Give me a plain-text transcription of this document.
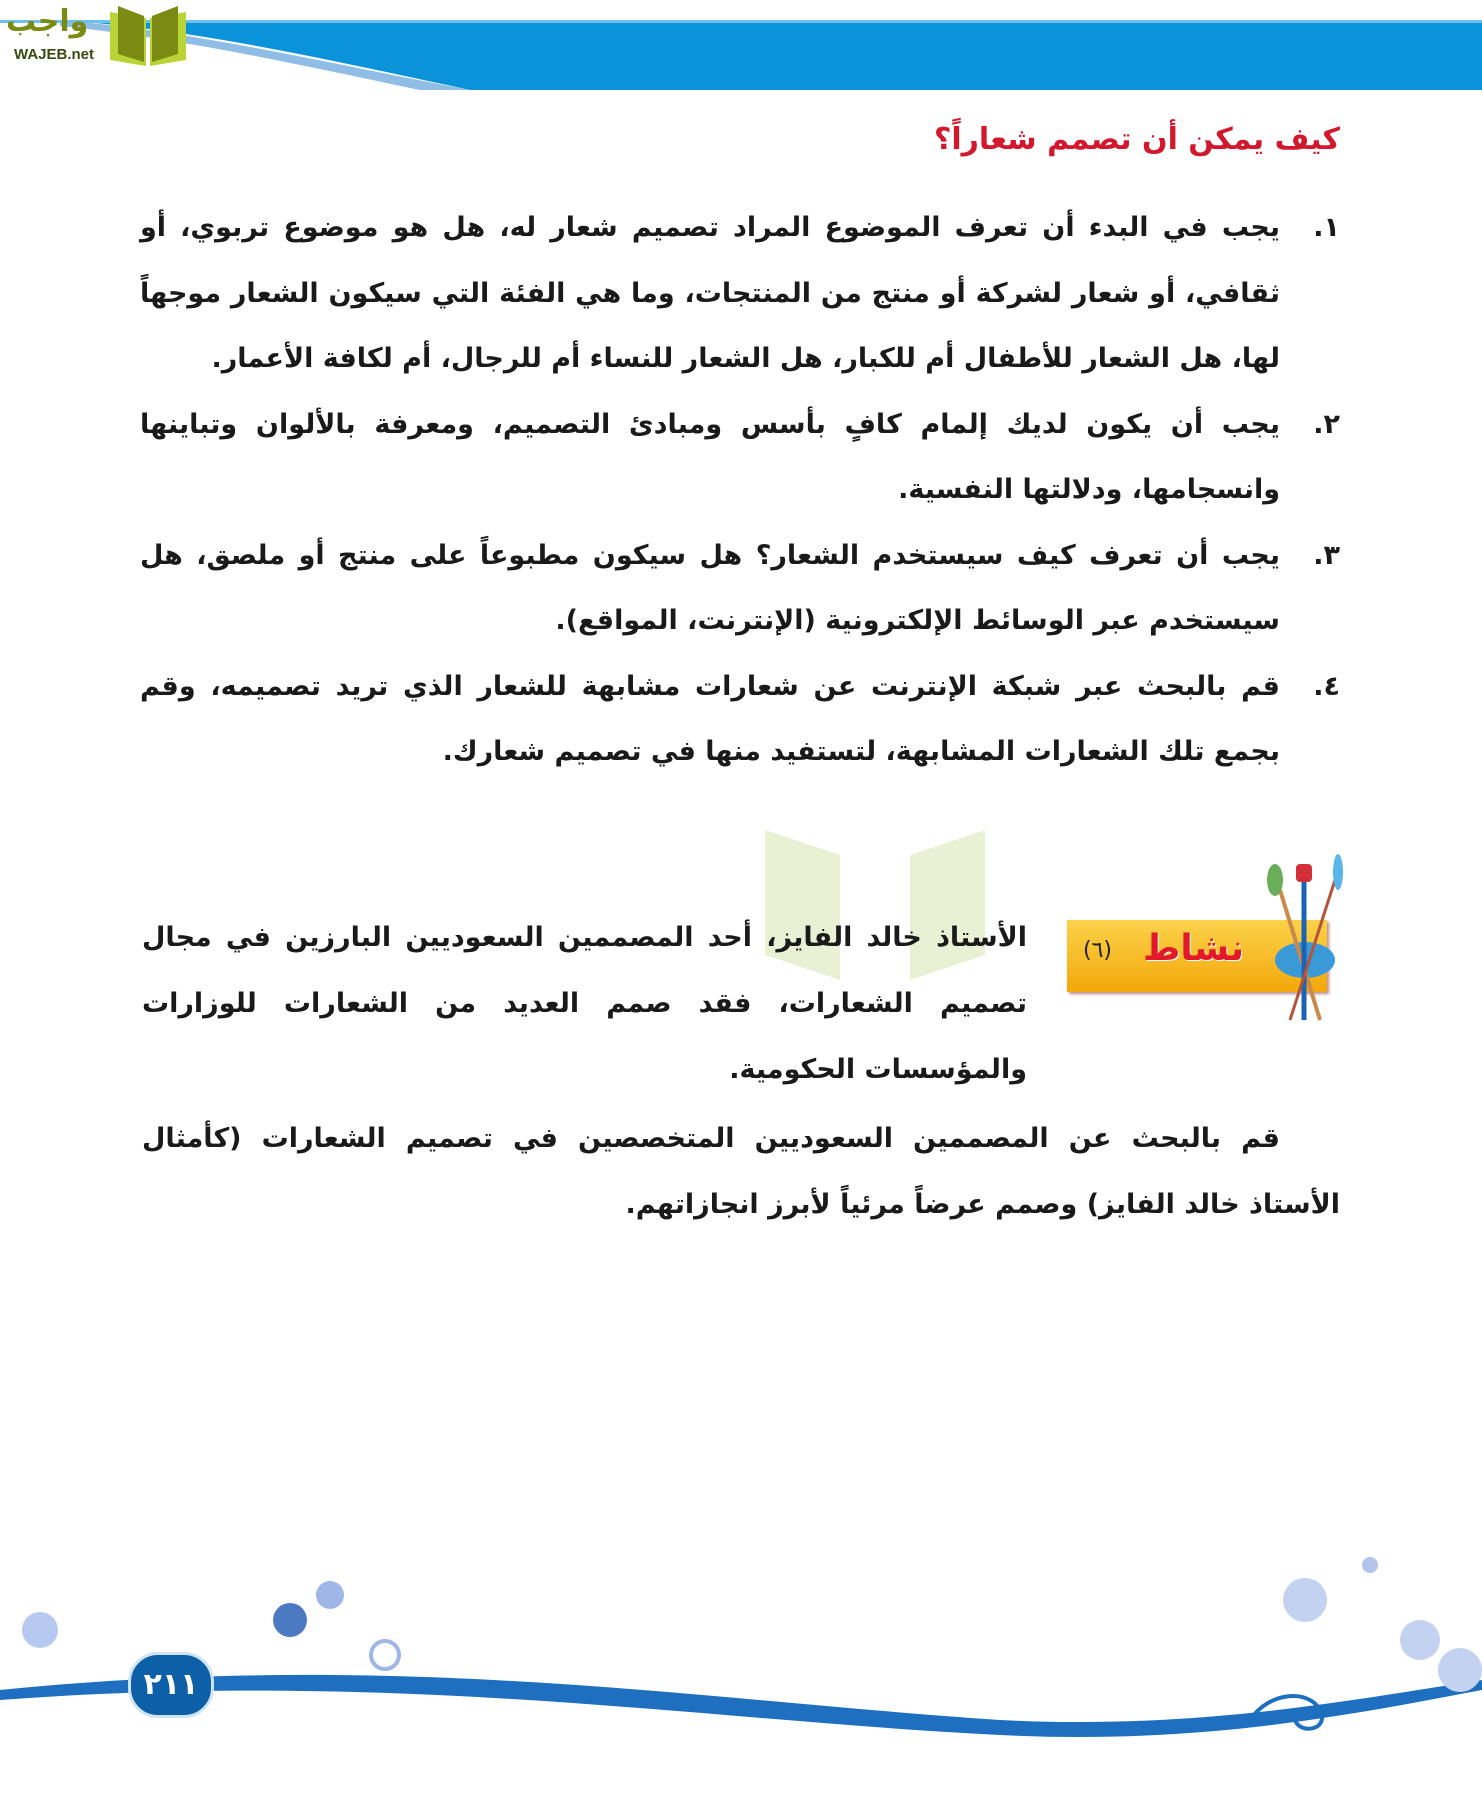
واجب
WAJEB.net
كيف يمكن أن تصمم شعاراً؟
١.
يجب في البدء أن تعرف الموضوع المراد تصميم شعار له، هل هو موضوع تربوي، أو ثقافي، أو شعار لشركة أو منتج من المنتجات، وما هي الفئة التي سيكون الشعار موجهاً لها، هل الشعار للأطفال أم للكبار، هل الشعار للنساء أم للرجال، أم لكافة الأعمار.
٢.
يجب أن يكون لديك إلمام كافٍ بأسس ومبادئ التصميم، ومعرفة بالألوان وتباينها وانسجامها، ودلالتها النفسية.
٣.
يجب أن تعرف كيف سيستخدم الشعار؟ هل سيكون مطبوعاً على منتج أو ملصق، هل سيستخدم عبر الوسائط الإلكترونية (الإنترنت، المواقع).
٤.
قم بالبحث عبر شبكة الإنترنت عن شعارات مشابهة للشعار الذي تريد تصميمه، وقم بجمع تلك الشعارات المشابهة، لتستفيد منها في تصميم شعارك.
نشاط
(٦)

الأستاذ خالد الفايز، أحد المصممين السعوديين البارزين في مجال تصميم الشعارات، فقد صمم العديد من الشعارات للوزارات والمؤسسات الحكومية.

قم بالبحث عن المصممين السعوديين المتخصصين في تصميم الشعارات (كأمثال الأستاذ خالد الفايز) وصمم عرضاً مرئياً لأبرز انجازاتهم.

٢١١
